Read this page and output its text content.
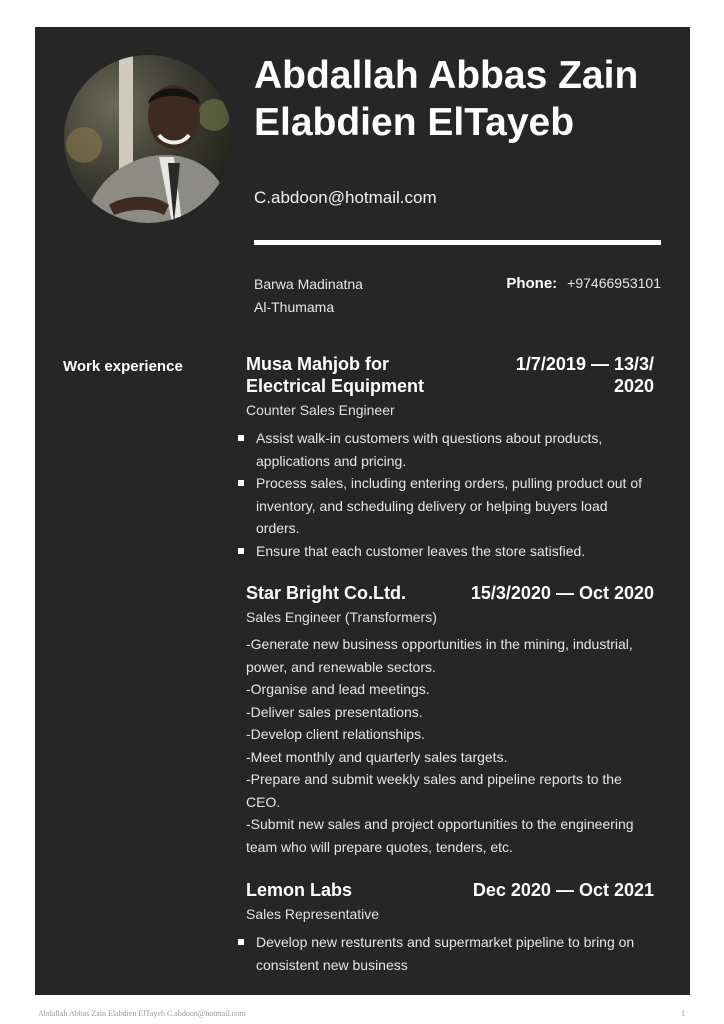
Abdallah Abbas Zain Elabdien ElTayeb
C.abdoon@hotmail.com
Barwa Madinatna
Al-Thumama
Phone: +97466953101
Work experience	Musa Mahjob for Electrical Equipment
1/7/2019 — 13/3/ 2020
Counter Sales Engineer
Assist walk-in customers with questions about products, applications and pricing.
Process sales, including entering orders, pulling product out of inventory, and scheduling delivery or helping buyers load orders.
Ensure that each customer leaves the store satisfied.
Star Bright Co.Ltd.	15/3/2020 — Oct 2020
Sales Engineer (Transformers)
-Generate new business opportunities in the mining, industrial, power, and renewable sectors.
-Organise and lead meetings.
-Deliver sales presentations.
-Develop client relationships.
-Meet monthly and quarterly sales targets.
-Prepare and submit weekly sales and pipeline reports to the CEO.
-Submit new sales and project opportunities to the engineering team who will prepare quotes, tenders, etc.
Lemon Labs	Dec 2020 — Oct 2021
Sales Representative
Develop new resturents and supermarket pipeline to bring on consistent new business
Abdallah Abbas Zain Elabdien ElTayeb C.abdoon@hotmail.com	1
